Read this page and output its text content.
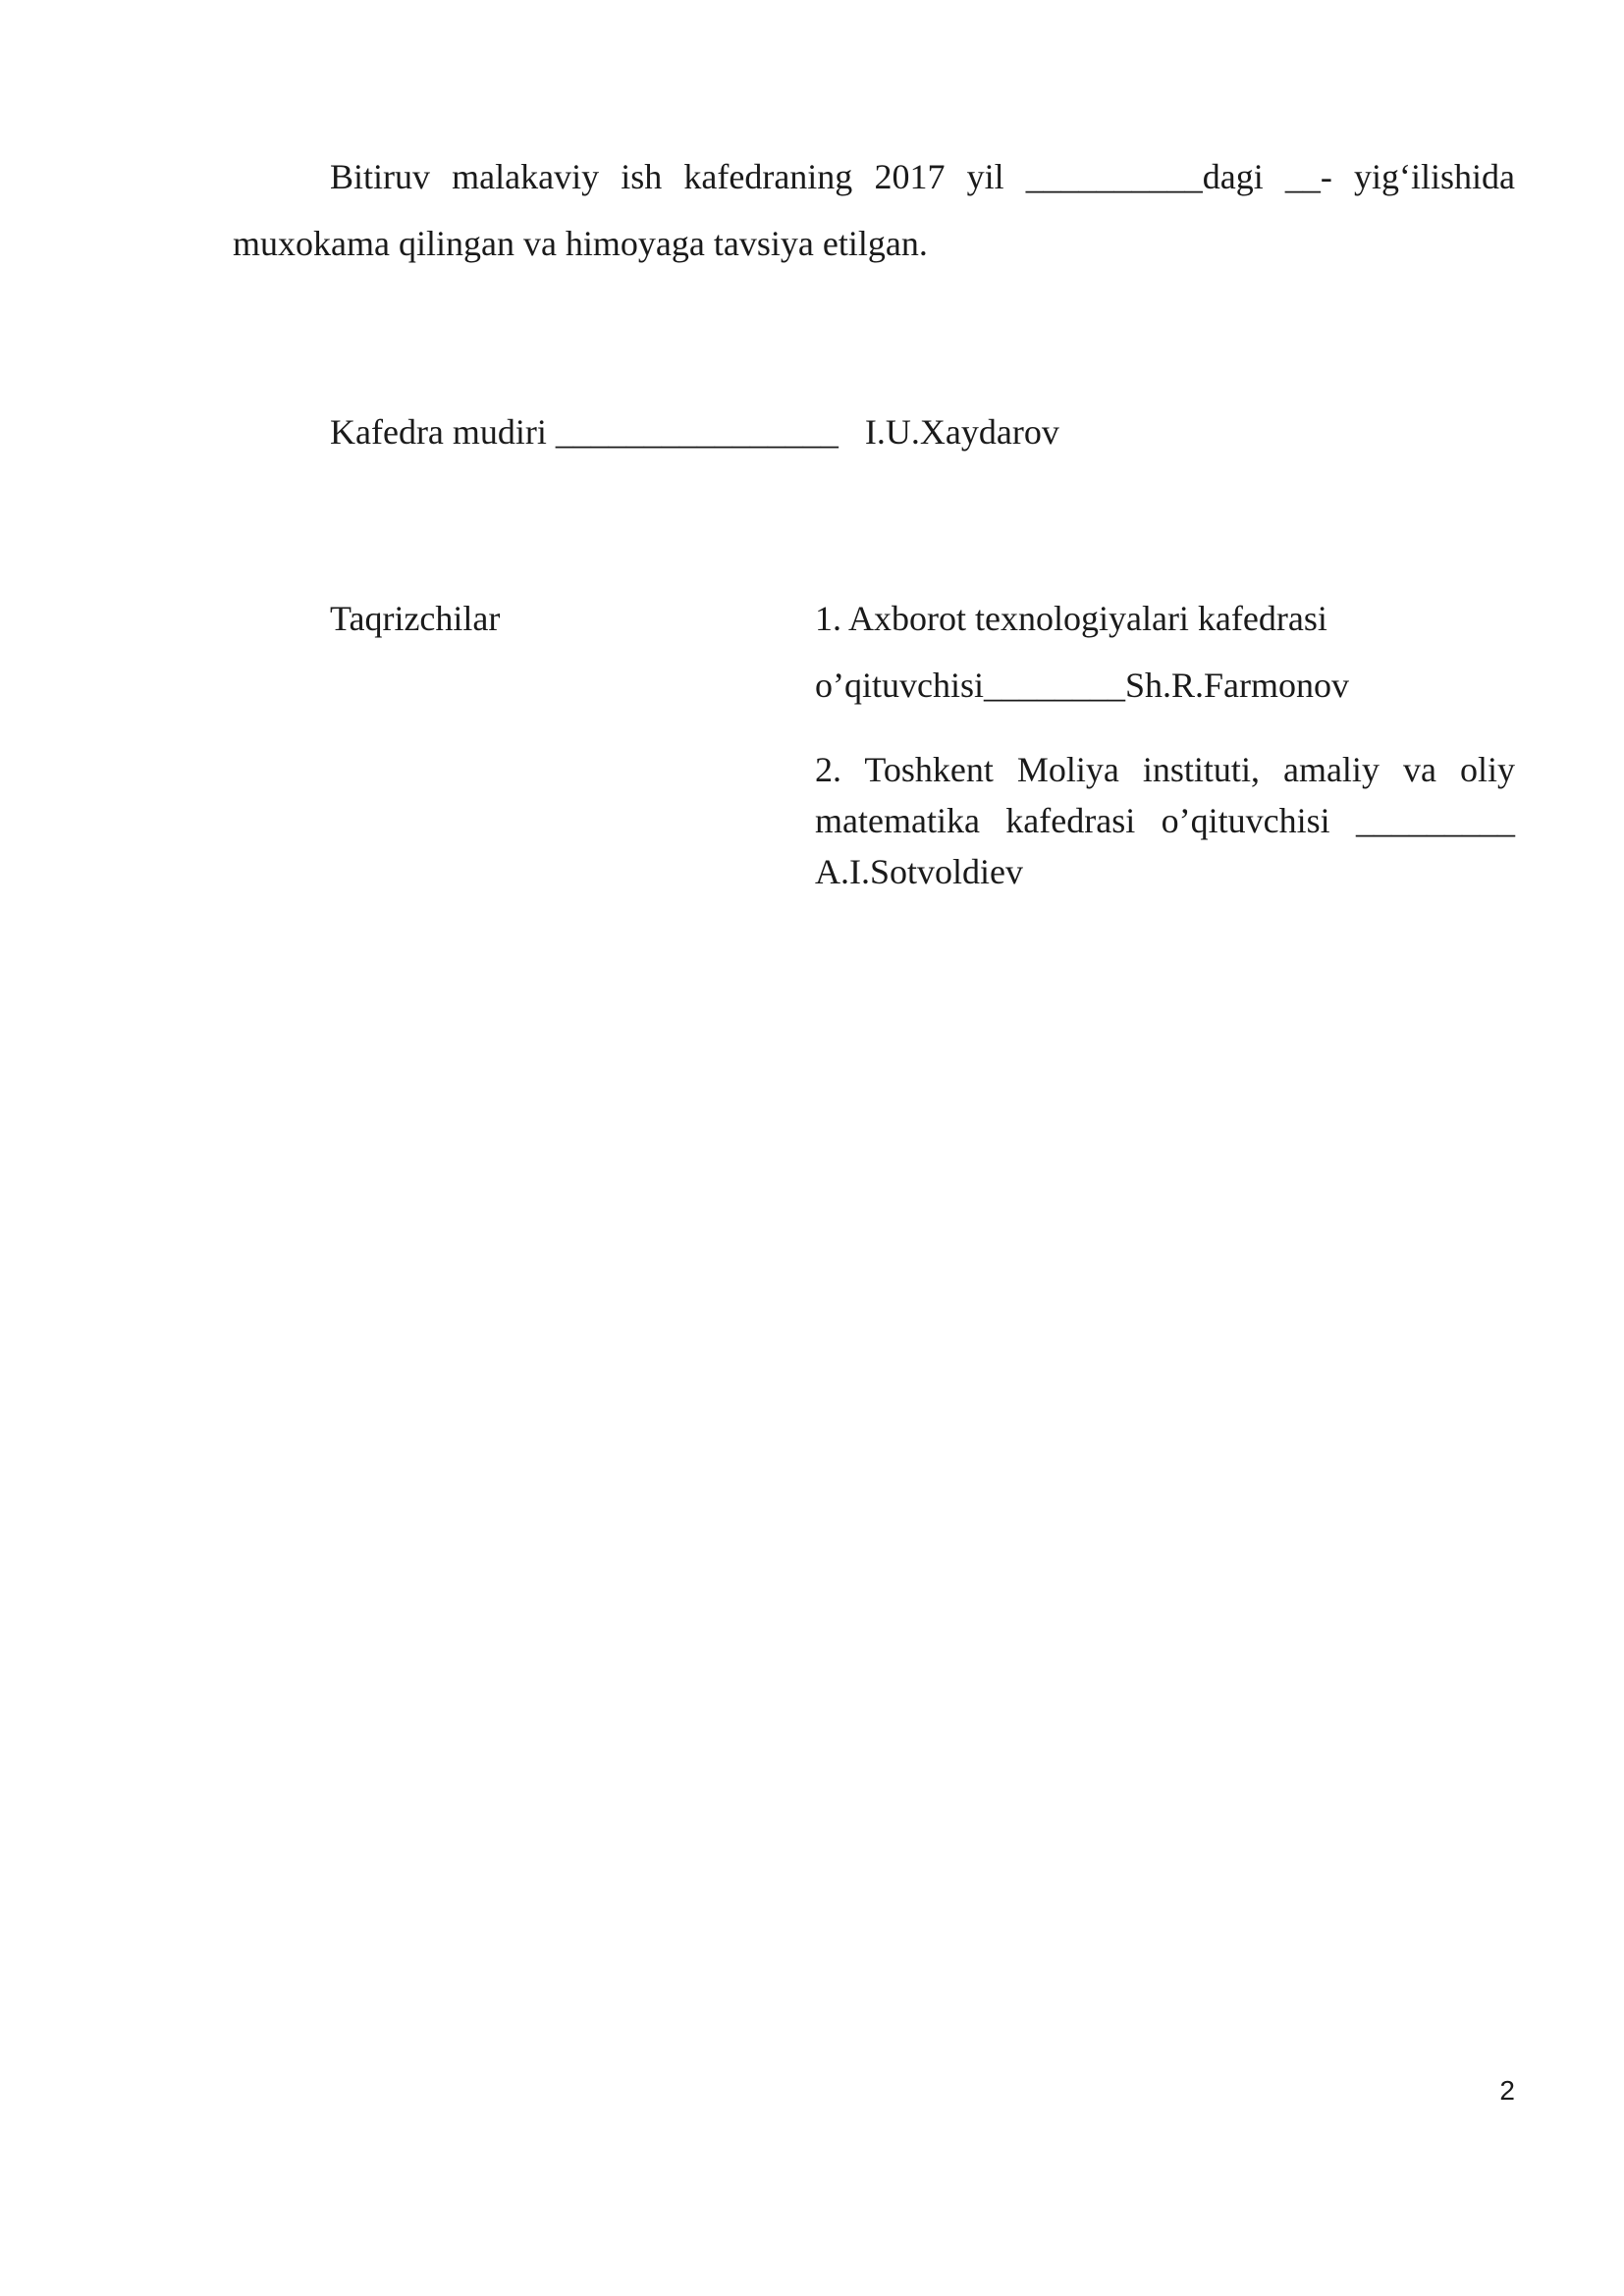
Bitiruv malakaviy ish kafedraning 2017 yil __________dagi __- yig‘ilishida muxokama qilingan va himoyaga tavsiya etilgan.

Kafedra mudiri ________________   I.U.Xaydarov

Taqrizchilar	1. Axborot texnologiyalari kafedrasi
o’qituvchisi________Sh.R.Farmonov

2. Toshkent Moliya instituti, amaliy va oliy matematika kafedrasi o’qituvchisi _________ A.I.Sotvoldiev

2
